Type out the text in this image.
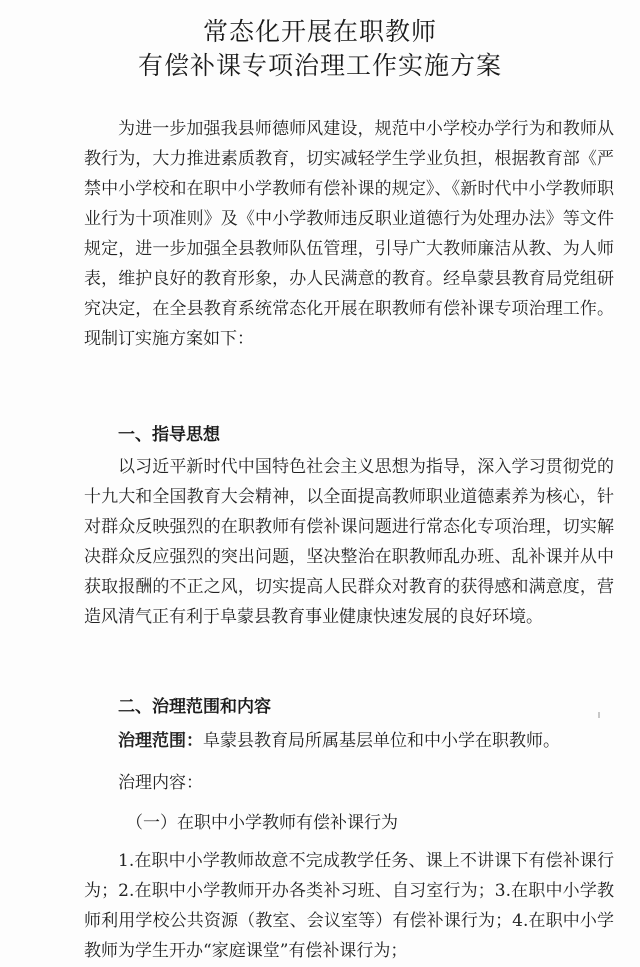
常态化开展在职教师
有偿补课专项治理工作实施方案

为进一步加强我县师德师风建设，规范中小学校办学行为和教师从教行为，大力推进素质教育，切实减轻学生学业负担，根据教育部《严禁中小学校和在职中小学教师有偿补课的规定》、《新时代中小学教师职业行为十项准则》及《中小学教师违反职业道德行为处理办法》等文件规定，进一步加强全县教师队伍管理，引导广大教师廉洁从教、为人师表，维护良好的教育形象，办人民满意的教育。经阜蒙县教育局党组研究决定，在全县教育系统常态化开展在职教师有偿补课专项治理工作。现制订实施方案如下：

一、指导思想

以习近平新时代中国特色社会主义思想为指导，深入学习贯彻党的十九大和全国教育大会精神，以全面提高教师职业道德素养为核心，针对群众反映强烈的在职教师有偿补课问题进行常态化专项治理，切实解决群众反应强烈的突出问题，坚决整治在职教师乱办班、乱补课并从中获取报酬的不正之风，切实提高人民群众对教育的获得感和满意度，营造风清气正有利于阜蒙县教育事业健康快速发展的良好环境。

二、治理范围和内容

治理范围：阜蒙县教育局所属基层单位和中小学在职教师。

治理内容：

（一）在职中小学教师有偿补课行为

1.在职中小学教师故意不完成教学任务、课上不讲课下有偿补课行为；2.在职中小学教师开办各类补习班、自习室行为；3.在职中小学教师利用学校公共资源（教室、会议室等）有偿补课行为；4.在职中小学教师为学生开办“家庭课堂”有偿补课行为；
